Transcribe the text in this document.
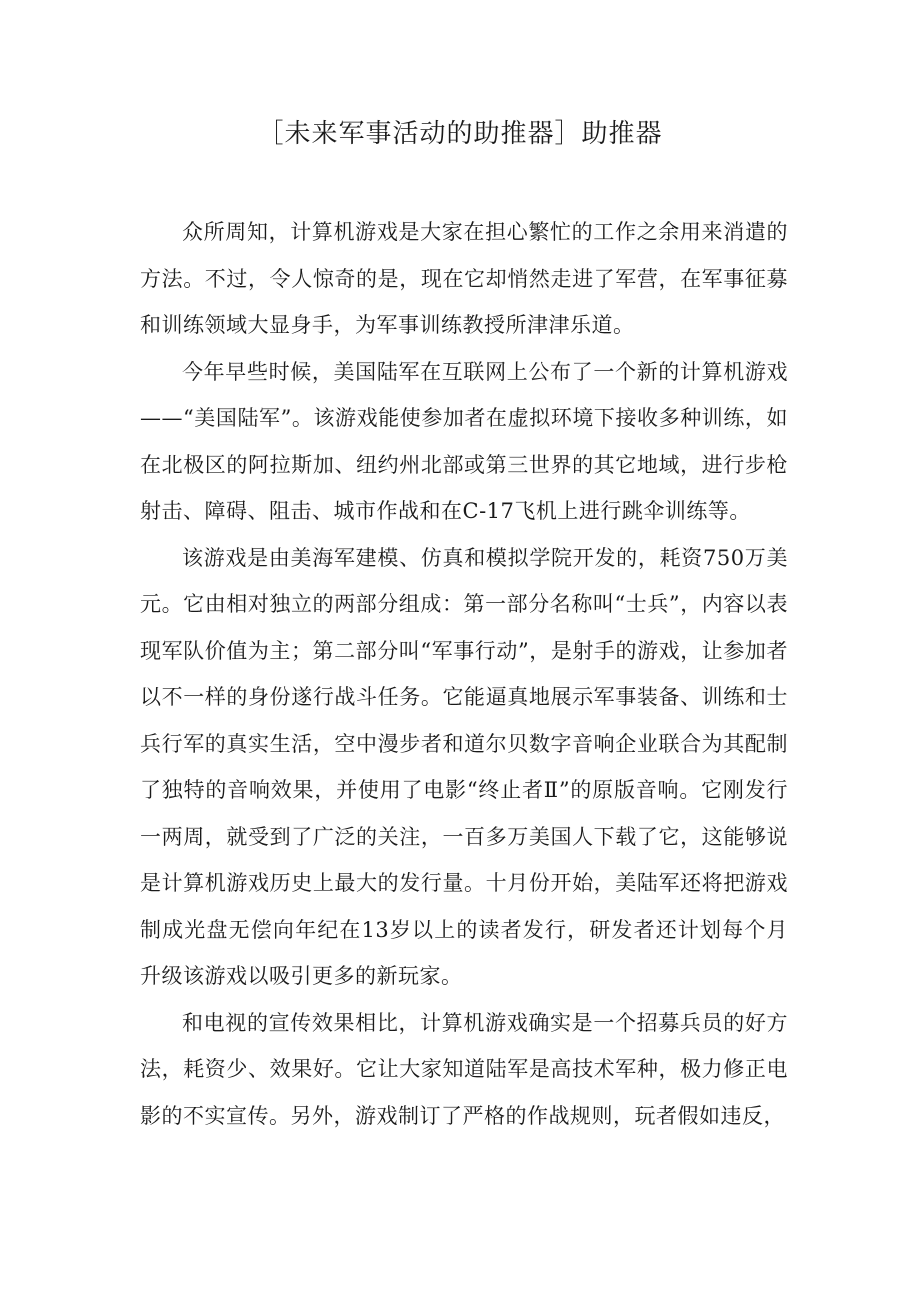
［未来军事活动的助推器］助推器

众所周知，计算机游戏是大家在担心繁忙的工作之余用来消遣的方法。不过，令人惊奇的是，现在它却悄然走进了军营，在军事征募和训练领域大显身手，为军事训练教授所津津乐道。

今年早些时候，美国陆军在互联网上公布了一个新的计算机游戏——“美国陆军”。该游戏能使参加者在虚拟环境下接收多种训练，如在北极区的阿拉斯加、纽约州北部或第三世界的其它地域，进行步枪射击、障碍、阻击、城市作战和在C-17飞机上进行跳伞训练等。

该游戏是由美海军建模、仿真和模拟学院开发的，耗资750万美元。它由相对独立的两部分组成：第一部分名称叫“士兵”，内容以表现军队价值为主；第二部分叫“军事行动”，是射手的游戏，让参加者以不一样的身份遂行战斗任务。它能逼真地展示军事装备、训练和士兵行军的真实生活，空中漫步者和道尔贝数字音响企业联合为其配制了独特的音响效果，并使用了电影“终止者Ⅱ”的原版音响。它刚发行一两周，就受到了广泛的关注，一百多万美国人下载了它，这能够说是计算机游戏历史上最大的发行量。十月份开始，美陆军还将把游戏制成光盘无偿向年纪在13岁以上的读者发行，研发者还计划每个月升级该游戏以吸引更多的新玩家。

和电视的宣传效果相比，计算机游戏确实是一个招募兵员的好方法，耗资少、效果好。它让大家知道陆军是高技术军种，极力修正电影的不实宣传。另外，游戏制订了严格的作战规则，玩者假如违反，
